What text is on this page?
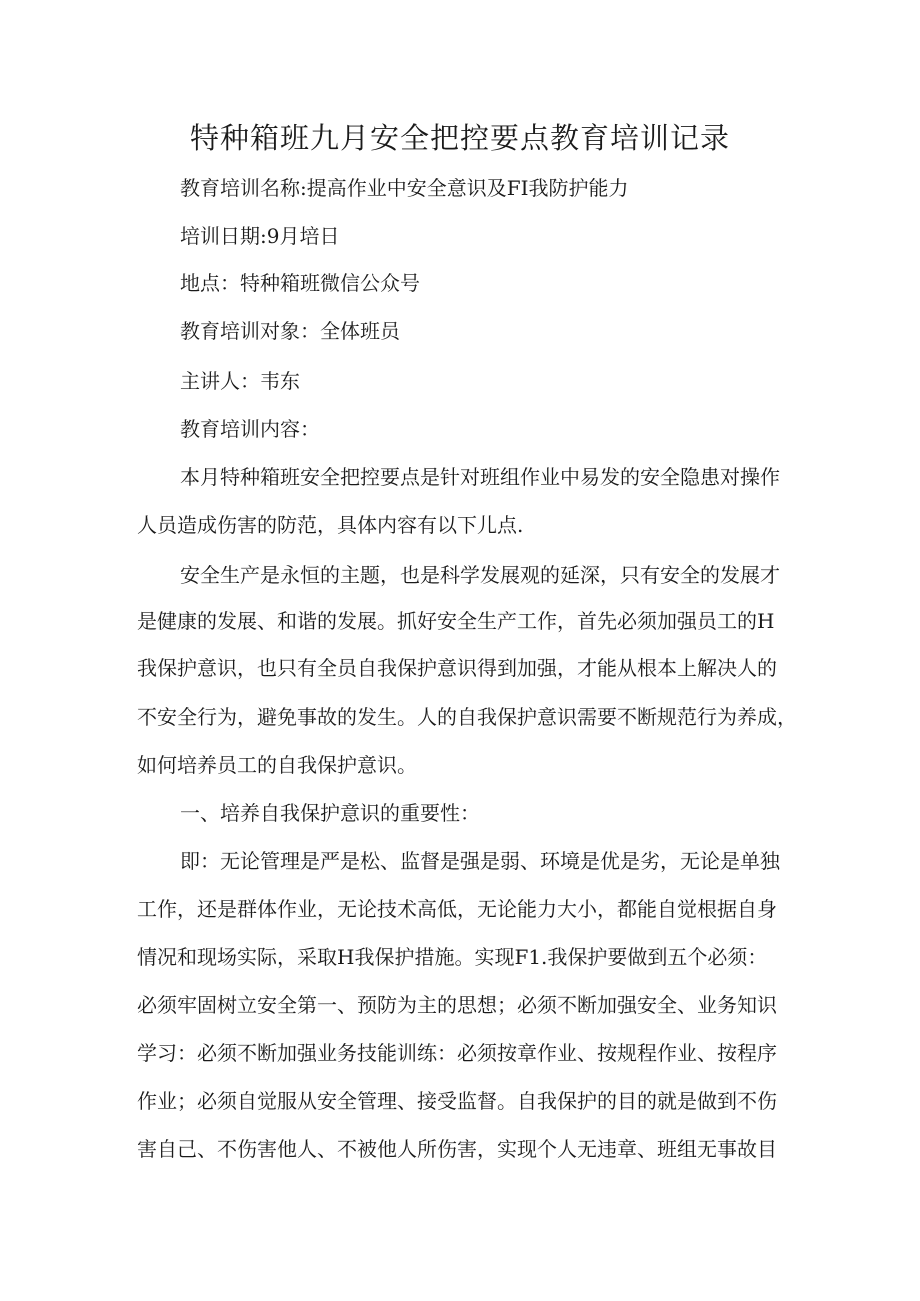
特种箱班九月安全把控要点教育培训记录
教育培训名称:提高作业中安全意识及FI我防护能力
培训日期:9月培日
地点：特种箱班微信公众号
教育培训对象：全体班员
主讲人：韦东
教育培训内容：
本月特种箱班安全把控要点是针对班组作业中易发的安全隐患对操作
人员造成伤害的防范，具体内容有以下儿点.
安全生产是永恒的主题，也是科学发展观的延深，只有安全的发展才
是健康的发展、和谐的发展。抓好安全生产工作，首先必须加强员工的H
我保护意识，也只有全员自我保护意识得到加强，才能从根本上解决人的
不安全行为，避免事故的发生。人的自我保护意识需要不断规范行为养成，
如何培养员工的自我保护意识。
一、培养自我保护意识的重要性：
即：无论管理是严是松、监督是强是弱、环境是优是劣，无论是单独
工作，还是群体作业，无论技术高低，无论能力大小，都能自觉根据自身
情况和现场实际，采取H我保护措施。实现F1.我保护要做到五个必须：
必须牢固树立安全第一、预防为主的思想；必须不断加强安全、业务知识
学习：必须不断加强业务技能训练：必须按章作业、按规程作业、按程序
作业；必须自觉服从安全管理、接受监督。自我保护的目的就是做到不伤
害自己、不伤害他人、不被他人所伤害，实现个人无违章、班组无事故目
